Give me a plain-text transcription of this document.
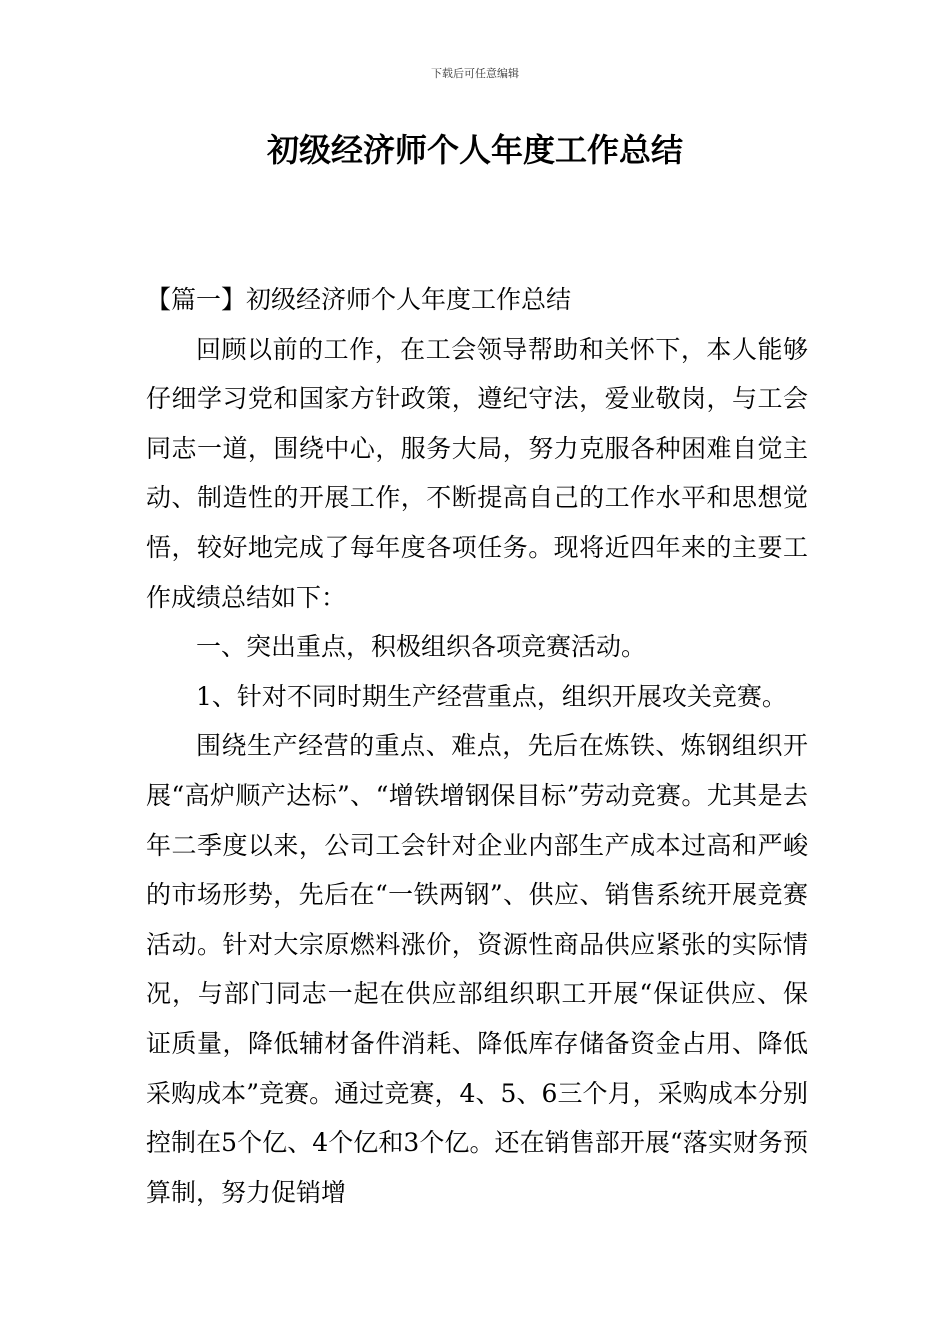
下载后可任意编辑
初级经济师个人年度工作总结

【篇一】初级经济师个人年度工作总结

回顾以前的工作，在工会领导帮助和关怀下，本人能够仔细学习党和国家方针政策，遵纪守法，爱业敬岗，与工会同志一道，围绕中心，服务大局，努力克服各种困难自觉主动、制造性的开展工作，不断提高自己的工作水平和思想觉悟，较好地完成了每年度各项任务。现将近四年来的主要工作成绩总结如下：

一、突出重点，积极组织各项竞赛活动。

1、针对不同时期生产经营重点，组织开展攻关竞赛。

围绕生产经营的重点、难点，先后在炼铁、炼钢组织开展“高炉顺产达标”、“增铁增钢保目标”劳动竞赛。尤其是去年二季度以来，公司工会针对企业内部生产成本过高和严峻的市场形势，先后在“一铁两钢”、供应、销售系统开展竞赛活动。针对大宗原燃料涨价，资源性商品供应紧张的实际情况，与部门同志一起在供应部组织职工开展“保证供应、保证质量，降低辅材备件消耗、降低库存储备资金占用、降低采购成本”竞赛。通过竞赛，4、5、6三个月，采购成本分别控制在5个亿、4个亿和3个亿。还在销售部开展“落实财务预算制，努力促销增
